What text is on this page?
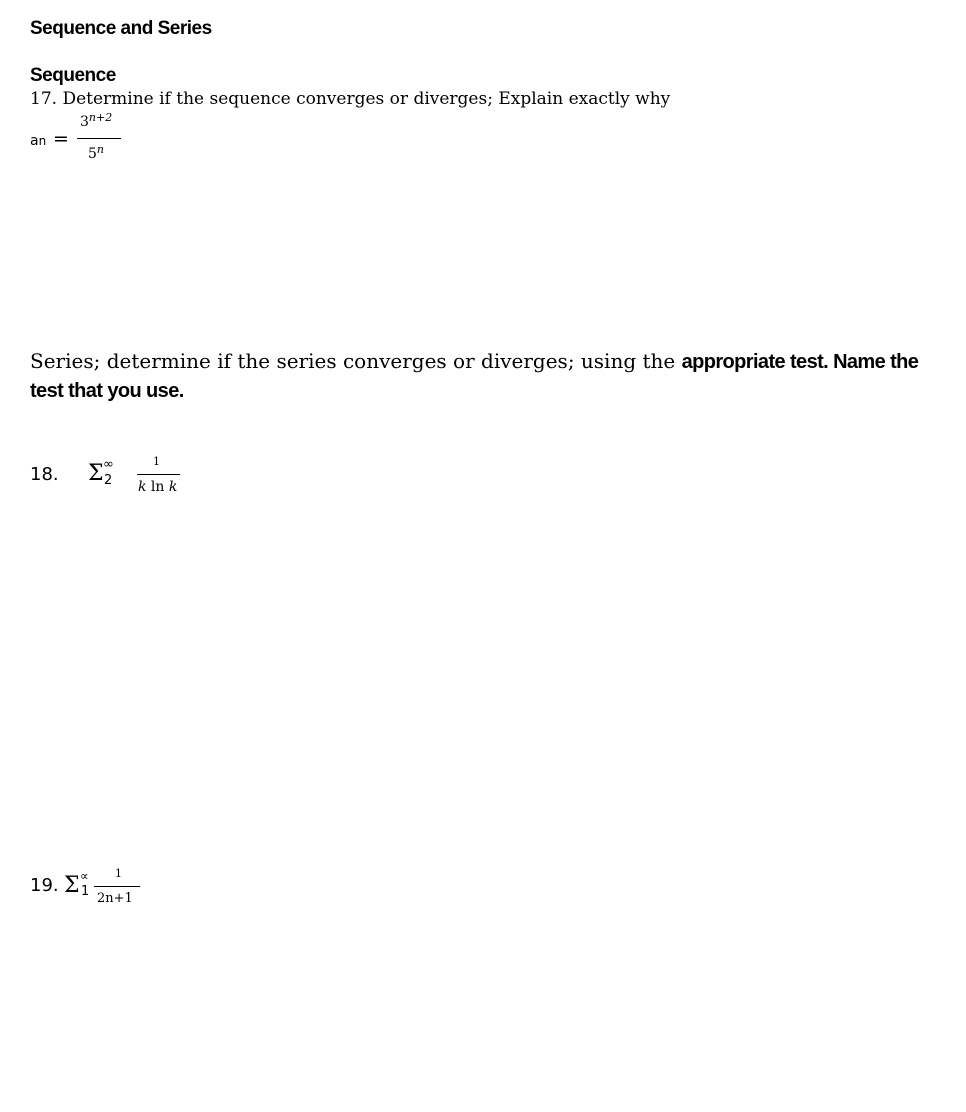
Sequence and Series
Sequence
17. Determine if the sequence converges or diverges; Explain exactly why
an =
$3^{n+2}$
5$^n$
Series; determine if the series converges or diverges; using the appropriate test. Name the test that you use.
18. Σ ∞
2
1
k ln k
19. Σ ∝
1
1
2n+1
